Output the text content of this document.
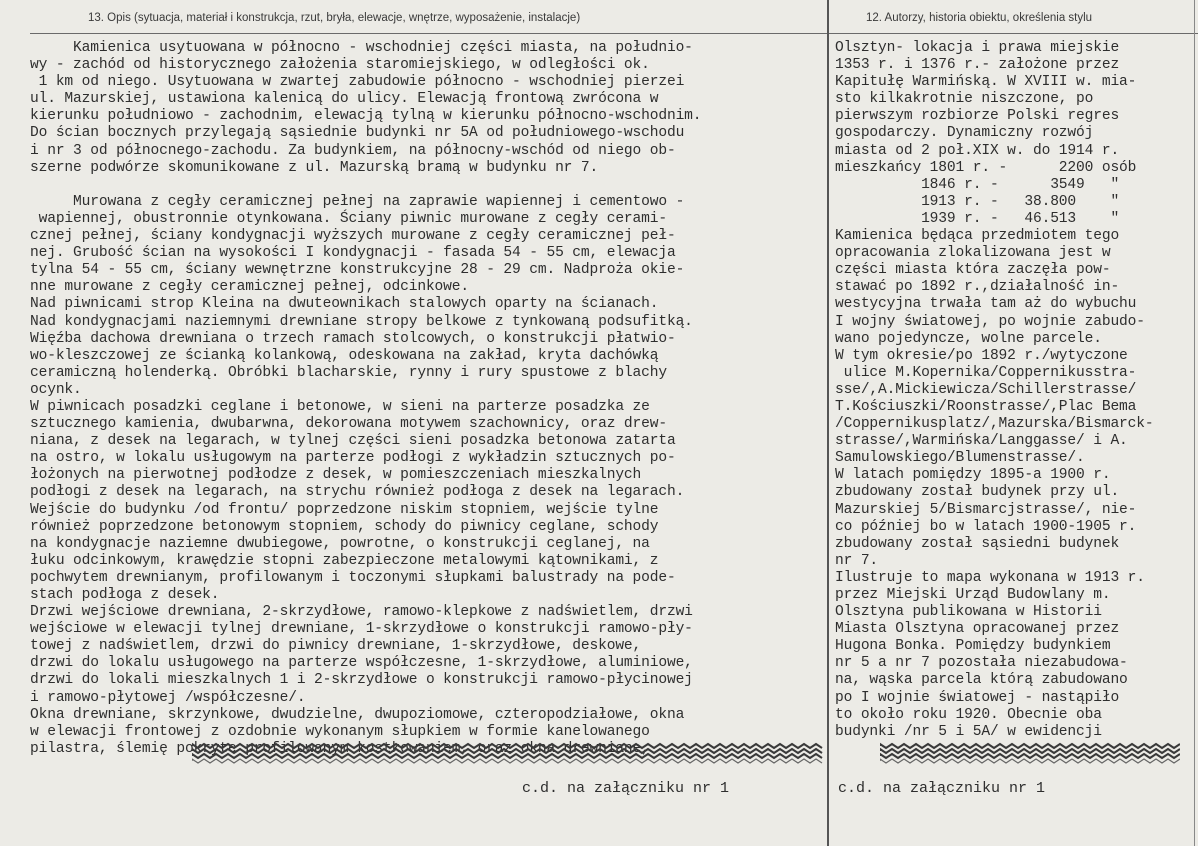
13. Opis (sytuacja, materiał i konstrukcja, rzut, bryła, elewacje, wnętrze, wyposażenie, instalacje)	12. Autorzy, historia obiektu, określenia stylu
Kamienica usytuowana w północno - wschodniej części miasta, na południo-
wy - zachód od historycznego założenia staromiejskiego, w odległości ok.
1 km od niego. Usytuowana w zwartej zabudowie północno - wschodniej pierzei
ul. Mazurskiej, ustawiona kalenicą do ulicy. Elewacją frontową zwrócona w
kierunku południowo - zachodnim, elewacją tylną w kierunku północno-wschodnim.
Do ścian bocznych przylegają sąsiednie budynki nr 5A od południowego-wschodu
i nr 3 od północnego-zachodu. Za budynkiem, na północny-wschód od niego ob-
szerne podwórze skomunikowane z ul. Mazurską bramą w budynku nr 7.
Murowana z cegły ceramicznej pełnej na zaprawie wapiennej i cementowo -
wapiennej, obustronnie otynkowana. Ściany piwnic murowane z cegły cerami-
cznej pełnej, ściany kondygnacji wyższych murowane z cegły ceramicznej peł-
nej. Grubość ścian na wysokości I kondygnacji - fasada 54 - 55 cm, elewacja
tylna 54 - 55 cm, ściany wewnętrzne konstrukcyjne 28 - 29 cm. Nadproża okie-
nne murowane z cegły ceramicznej pełnej, odcinkowe.
Nad piwnicami strop Kleina na dwuteownikach stalowych oparty na ścianach.
Nad kondygnacjami naziemnymi drewniane stropy belkowe z tynkowaną podsufitką.
Więźba dachowa drewniana o trzech ramach stolcowych, o konstrukcji płatwio-
wo-kleszczowej ze ścianką kolankową, odeskowana na zakład, kryta dachówką
ceramiczną holenderką. Obróbki blacharskie, rynny i rury spustowe z blachy
ocynk.
W piwnicach posadzki ceglane i betonowe, w sieni na parterze posadzka ze
sztucznego kamienia, dwubarwna, dekorowana motywem szachownicy, oraz drew-
niana, z desek na legarach, w tylnej części sieni posadzka betonowa zatarta
na ostro, w lokalu usługowym na parterze podłogi z wykładzin sztucznych po-
łożonych na pierwotnej podłodze z desek, w pomieszczeniach mieszkalnych
podłogi z desek na legarach, na strychu również podłoga z desek na legarach.
Wejście do budynku /od frontu/ poprzedzone niskim stopniem, wejście tylne
również poprzedzone betonowym stopniem, schody do piwnicy ceglane, schody
na kondygnacje naziemne dwubiegowe, powrotne, o konstrukcji ceglanej, na
łuku odcinkowym, krawędzie stopni zabezpieczone metalowymi kątownikami, z
pochwytem drewnianym, profilowanym i toczonymi słupkami balustrady na pode-
stach podłoga z desek.
Drzwi wejściowe drewniana, 2-skrzydłowe, ramowo-klepkowe z nadświetlem, drzwi
wejściowe w elewacji tylnej drewniane, 1-skrzydłowe o konstrukcji ramowo-pły-
towej z nadświetlem, drzwi do piwnicy drewniane, 1-skrzydłowe, deskowe,
drzwi do lokalu usługowego na parterze współczesne, 1-skrzydłowe, aluminiowe,
drzwi do lokali mieszkalnych 1 i 2-skrzydłowe o konstrukcji ramowo-płycinowej
i ramowo-płytowej /współczesne/.
Okna drewniane, skrzynkowe, dwudzielne, dwupoziomowe, czteropodziałowe, okna
w elewacji frontowej z ozdobnie wykonanym słupkiem w formie kanelowanego
pilastra, ślemię pokryte profilowanym kostkowaniem, oraz okna drewniane,
Olsztyn- lokacja i prawa miejskie
1353 r. i 1376 r.- założone przez
Kapitułę Warmińską. W XVIII w. mia-
sto kilkakrotnie niszczone, po
pierwszym rozbiorze Polski regres
gospodarczy. Dynamiczny rozwój
miasta od 2 poł.XIX w. do 1914 r.
mieszkańcy 1801 r. -      2200 osób
1846 r. -      3549   "
1913 r. -   38.800    "
1939 r. -   46.513    "
Kamienica będąca przedmiotem tego
opracowania zlokalizowana jest w
części miasta która zaczęła pow-
stawać po 1892 r.,działalność in-
westycyjna trwała tam aż do wybuchu
I wojny światowej, po wojnie zabudo-
wano pojedyncze, wolne parcele.
W tym okresie/po 1892 r./wytyczone
ulice M.Kopernika/Coppernikusstra-
sse/,A.Mickiewicza/Schillerstrasse/
T.Kościuszki/Roonstrasse/,Plac Bema
/Coppernikusplatz/,Mazurska/Bismarck-
strasse/,Warmińska/Langgasse/ i A.
Samulowskiego/Blumenstrasse/.
W latach pomiędzy 1895-a 1900 r.
zbudowany został budynek przy ul.
Mazurskiej 5/Bismarcjstrasse/, nie-
co później bo w latach 1900-1905 r.
zbudowany został sąsiedni budynek
nr 7.
Ilustruje to mapa wykonana w 1913 r.
przez Miejski Urząd Budowlany m.
Olsztyna publikowana w Historii
Miasta Olsztyna opracowanej przez
Hugona Bonka. Pomiędzy budynkiem
nr 5 a nr 7 pozostała niezabudowa-
na, wąska parcela którą zabudowano
po I wojnie światowej - nastąpiło
to około roku 1920. Obecnie oba
budynki /nr 5 i 5A/ w ewidencji
c.d. na załączniku nr 1	c.d. na załączniku nr 1
